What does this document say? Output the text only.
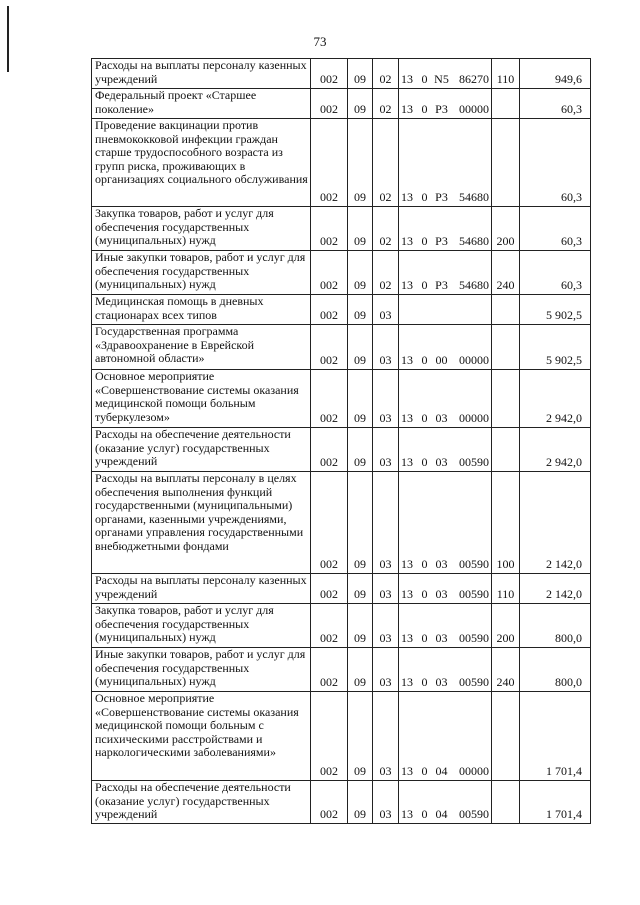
73
Расходы на выплаты персоналу казенных учреждений	002	09	02	13	0	N5	86270	110	949,6
Федеральный проект «Старшее поколение»	002	09	02	13	0	P3	00000		60,3
Проведение вакцинации против пневмококковой инфекции граждан старше трудоспособного возраста из групп риска, проживающих в организациях социального обслуживания	002	09	02	13	0	P3	54680		60,3
Закупка товаров, работ и услуг для обеспечения государственных (муниципальных) нужд	002	09	02	13	0	P3	54680	200	60,3
Иные закупки товаров, работ и услуг для обеспечения государственных (муниципальных) нужд	002	09	02	13	0	P3	54680	240	60,3
Медицинская помощь в дневных стационарах всех типов	002	09	03						5 902,5
Государственная программа «Здравоохранение в Еврейской автономной области»	002	09	03	13	0	00	00000		5 902,5
Основное мероприятие «Совершенствование системы оказания медицинской помощи больным туберкулезом»	002	09	03	13	0	03	00000		2 942,0
Расходы на обеспечение деятельности (оказание услуг) государственных учреждений	002	09	03	13	0	03	00590		2 942,0
Расходы на выплаты персоналу в целях обеспечения выполнения функций государственными (муниципальными) органами, казенными учреждениями, органами управления государственными внебюджетными фондами	002	09	03	13	0	03	00590	100	2 142,0
Расходы на выплаты персоналу казенных учреждений	002	09	03	13	0	03	00590	110	2 142,0
Закупка товаров, работ и услуг для обеспечения государственных (муниципальных) нужд	002	09	03	13	0	03	00590	200	800,0
Иные закупки товаров, работ и услуг для обеспечения государственных (муниципальных) нужд	002	09	03	13	0	03	00590	240	800,0
Основное мероприятие «Совершенствование системы оказания медицинской помощи больным с психическими расстройствами и наркологическими заболеваниями»	002	09	03	13	0	04	00000		1 701,4
Расходы на обеспечение деятельности (оказание услуг) государственных учреждений	002	09	03	13	0	04	00590		1 701,4
